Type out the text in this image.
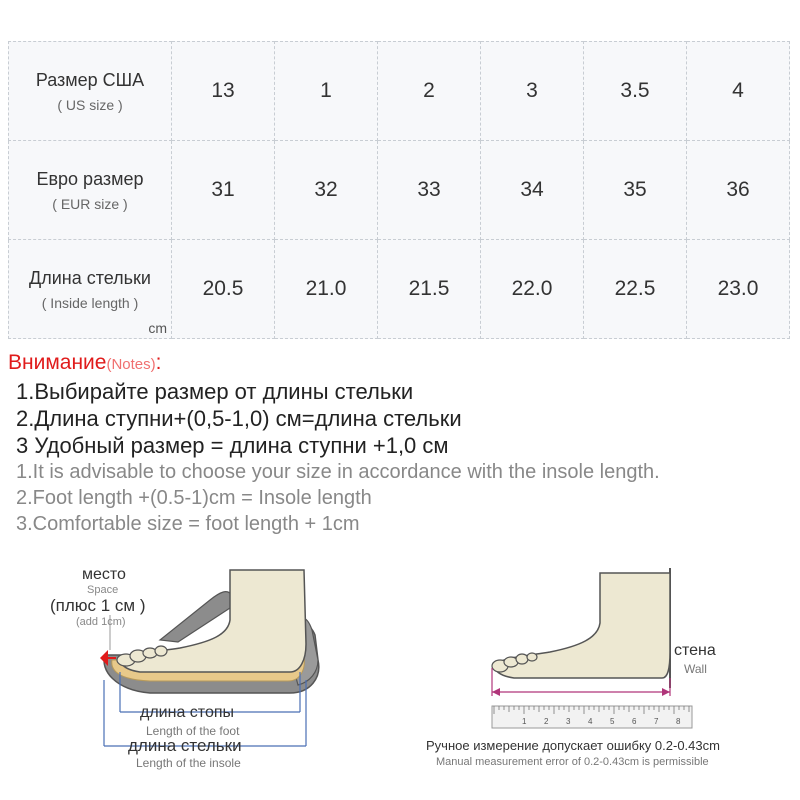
Размер США
( US size )	13	1	2	3	3.5	4

Евро размер
( EUR size )	31	32	33	34	35	36

Длина стельки
( Inside length )
cm	20.5	21.0	21.5	22.0	22.5	23.0
Внимание(Notes):
1.Выбирайте размер от длины стельки
2.Длина ступни+(0,5-1,0) см=длина стельки
3 Удобный размер = длина ступни +1,0 см
1.It is advisable to choose your size in accordance with the insole length.
2.Foot length +(0.5-1)cm = Insole length
3.Comfortable size = foot length + 1cm
место
Space
(плюс 1 см )
(add 1cm)
длина стопы
Length of the foot
длина стельки
Length of the insole
1 2 3 4 5 6 7 8
стена
Wall
Ручное измерение допускает ошибку 0.2-0.43cm
Manual measurement error of 0.2-0.43cm is permissible
